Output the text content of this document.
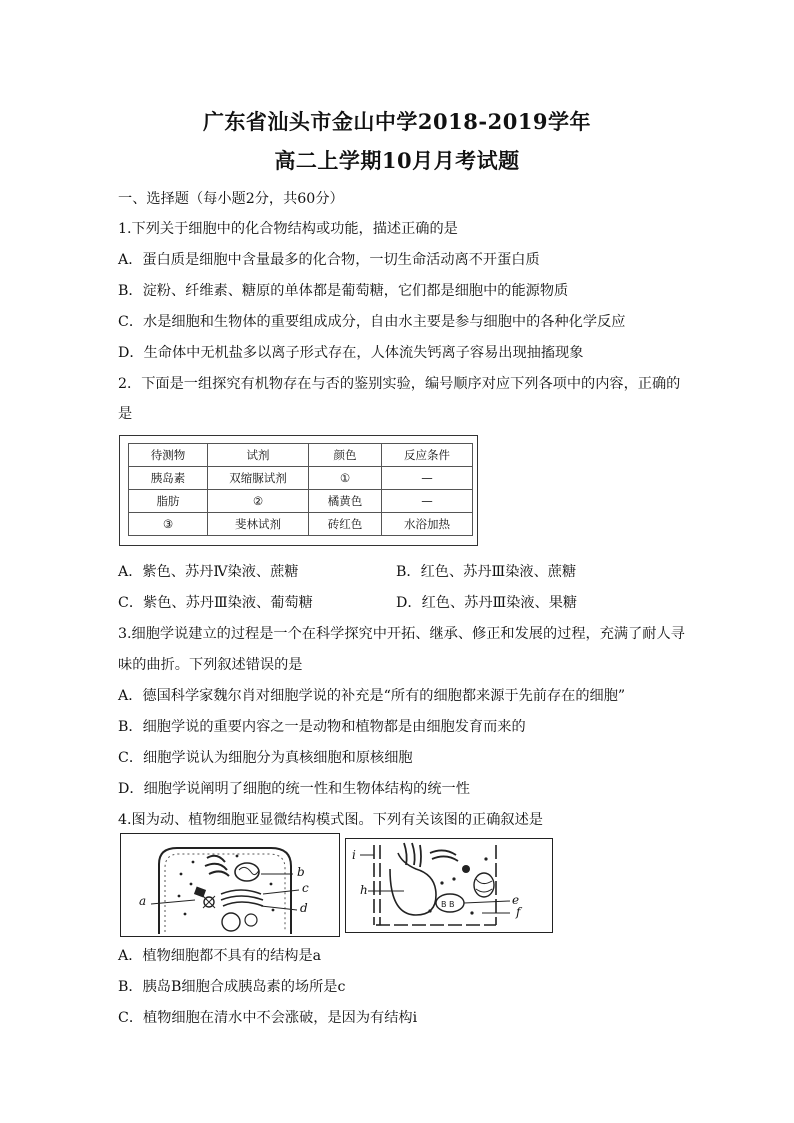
广东省汕头市金山中学2018-2019学年
高二上学期10月月考试题
一、选择题（每小题2分，共60分）
1.下列关于细胞中的化合物结构或功能，描述正确的是
A．蛋白质是细胞中含量最多的化合物，一切生命活动离不开蛋白质
B．淀粉、纤维素、糖原的单体都是葡萄糖，它们都是细胞中的能源物质
C．水是细胞和生物体的重要组成成分，自由水主要是参与细胞中的各种化学反应
D．生命体中无机盐多以离子形式存在，人体流失钙离子容易出现抽搐现象
2．下面是一组探究有机物存在与否的鉴别实验，编号顺序对应下列各项中的内容，正确的
是
待测物	试剂	颜色	反应条件
胰岛素	双缩脲试剂	①	—
脂肪	②	橘黄色	—
③	斐林试剂	砖红色	水浴加热
A．紫色、苏丹Ⅳ染液、蔗糖	B．红色、苏丹Ⅲ染液、蔗糖
C．紫色、苏丹Ⅲ染液、葡萄糖	D．红色、苏丹Ⅲ染液、果糖
3.细胞学说建立的过程是一个在科学探究中开拓、继承、修正和发展的过程，充满了耐人寻
味的曲折。下列叙述错误的是
A．德国科学家魏尔肖对细胞学说的补充是“所有的细胞都来源于先前存在的细胞”
B．细胞学说的重要内容之一是动物和植物都是由细胞发育而来的
C．细胞学说认为细胞分为真核细胞和原核细胞
D．细胞学说阐明了细胞的统一性和生物体结构的统一性
4.图为动、植物细胞亚显微结构模式图。下列有关该图的正确叙述是
a
b
c
d	B B
i
h
e
f
A．植物细胞都不具有的结构是a
B．胰岛B细胞合成胰岛素的场所是c
C．植物细胞在清水中不会涨破，是因为有结构i
